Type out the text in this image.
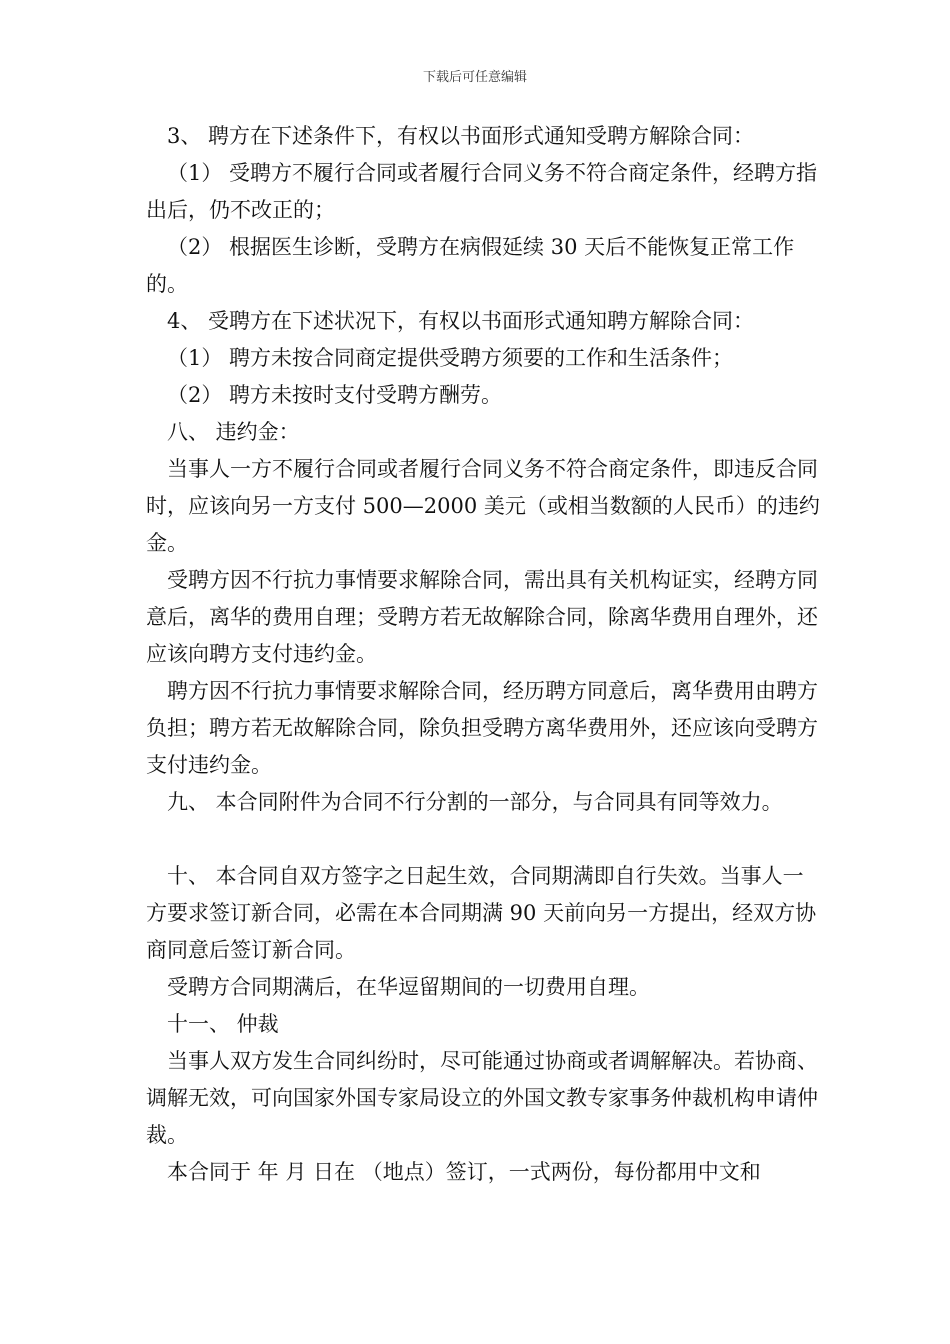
下载后可任意编辑

3、 聘方在下述条件下，有权以书面形式通知受聘方解除合同：

（1） 受聘方不履行合同或者履行合同义务不符合商定条件，经聘方指出后，仍不改正的；

（2） 根据医生诊断，受聘方在病假延续 30 天后不能恢复正常工作的。

4、 受聘方在下述状况下，有权以书面形式通知聘方解除合同：

（1） 聘方未按合同商定提供受聘方须要的工作和生活条件；

（2） 聘方未按时支付受聘方酬劳。

八、 违约金：

当事人一方不履行合同或者履行合同义务不符合商定条件，即违反合同时，应该向另一方支付 500—2000 美元（或相当数额的人民币）的违约金。

受聘方因不行抗力事情要求解除合同，需出具有关机构证实，经聘方同意后，离华的费用自理；受聘方若无故解除合同，除离华费用自理外，还应该向聘方支付违约金。

聘方因不行抗力事情要求解除合同，经历聘方同意后，离华费用由聘方负担；聘方若无故解除合同，除负担受聘方离华费用外，还应该向受聘方支付违约金。

九、 本合同附件为合同不行分割的一部分，与合同具有同等效力。

十、 本合同自双方签字之日起生效，合同期满即自行失效。当事人一方要求签订新合同，必需在本合同期满 90 天前向另一方提出，经双方协商同意后签订新合同。

受聘方合同期满后，在华逗留期间的一切费用自理。

十一、 仲裁

当事人双方发生合同纠纷时，尽可能通过协商或者调解解决。若协商、调解无效，可向国家外国专家局设立的外国文教专家事务仲裁机构申请仲裁。

本合同于 年 月 日在 （地点）签订，一式两份，每份都用中文和
